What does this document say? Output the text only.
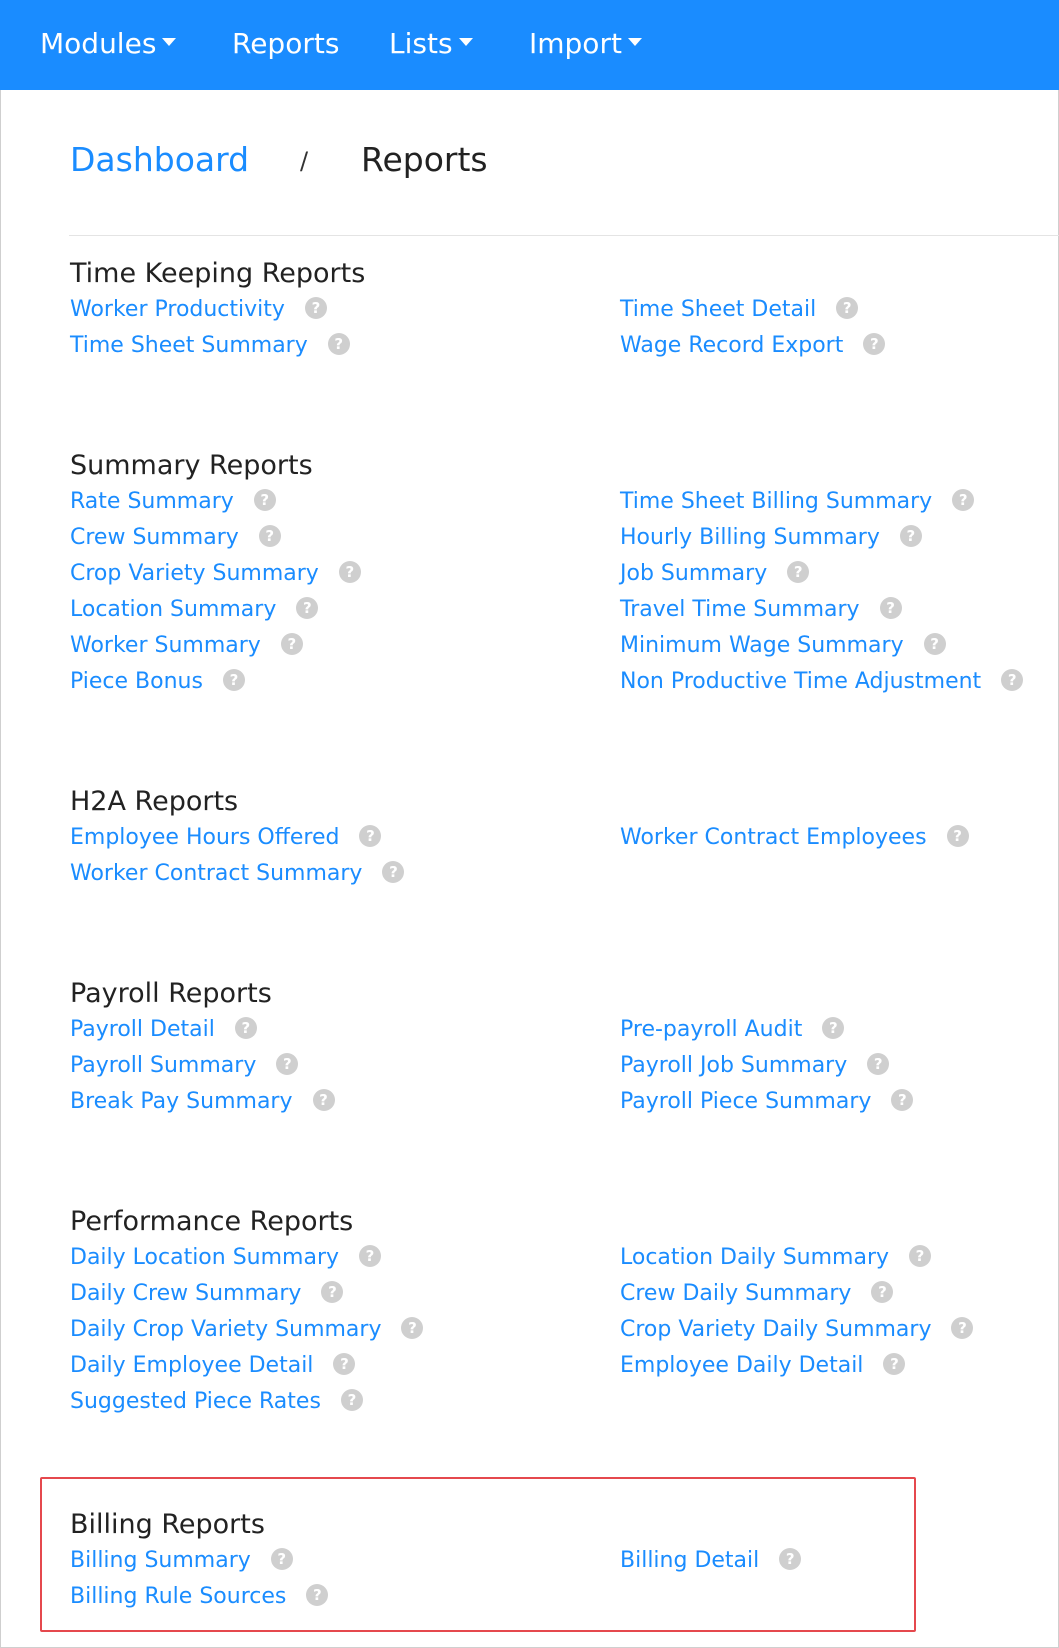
Modules	Reports Lists	Import
Dashboard / Reports
Time Keeping Reports
Worker Productivity ?
Time Sheet Summary ?
Time Sheet Detail ?
Wage Record Export ?
Summary Reports
Rate Summary ?
Crew Summary ?
Crop Variety Summary ?
Location Summary ?
Worker Summary ?
Piece Bonus ?
Time Sheet Billing Summary ?
Hourly Billing Summary ?
Job Summary ?
Travel Time Summary ?
Minimum Wage Summary ?
Non Productive Time Adjustment ?
H2A Reports
Employee Hours Offered ?
Worker Contract Summary ?
Worker Contract Employees ?
Payroll Reports
Payroll Detail ?
Payroll Summary ?
Break Pay Summary ?
Pre-payroll Audit ?
Payroll Job Summary ?
Payroll Piece Summary ?
Performance Reports
Daily Location Summary ?
Daily Crew Summary ?
Daily Crop Variety Summary ?
Daily Employee Detail ?
Suggested Piece Rates ?
Location Daily Summary ?
Crew Daily Summary ?
Crop Variety Daily Summary ?
Employee Daily Detail ?
Billing Reports
Billing Summary ?
Billing Rule Sources ?
Billing Detail ?
